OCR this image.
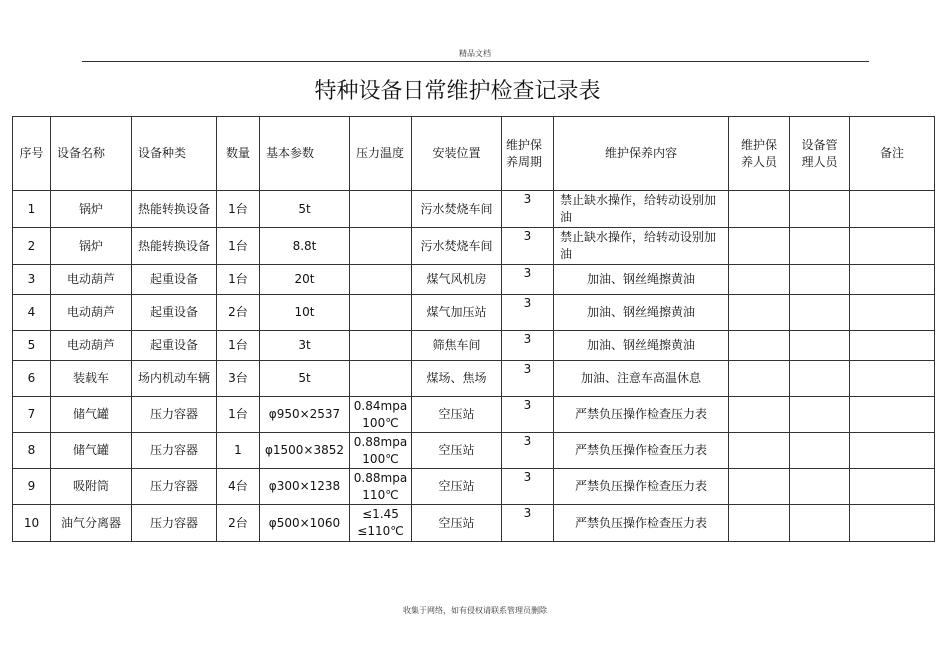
精品文档
特种设备日常维护检查记录表
序号	设备名称	设备种类	数量	基本参数	压力温度	安装位置	维护保养周期	维护保养内容	维护保养人员	设备管理人员	备注
1	锅炉	热能转换设备	1台	5t		污水焚烧车间	3	禁止缺水操作，给转动设别加油			
2	锅炉	热能转换设备	1台	8.8t		污水焚烧车间	3	禁止缺水操作，给转动设别加油			
3	电动葫芦	起重设备	1台	20t		煤气风机房	3	加油、钢丝绳擦黄油			
4	电动葫芦	起重设备	2台	10t		煤气加压站	3	加油、钢丝绳擦黄油			
5	电动葫芦	起重设备	1台	3t		筛焦车间	3	加油、钢丝绳擦黄油			
6	装载车	场内机动车辆	3台	5t		煤场、焦场	3	加油、注意车高温休息			
7	储气罐	压力容器	1台	φ950×2537	0.84mpa 100℃	空压站	3	严禁负压操作检查压力表			
8	储气罐	压力容器	1	φ1500×3852	0.88mpa 100℃	空压站	3	严禁负压操作检查压力表			
9	吸附筒	压力容器	4台	φ300×1238	0.88mpa 110℃	空压站	3	严禁负压操作检查压力表			
10	油气分离器	压力容器	2台	φ500×1060	≤1.45 ≤110℃	空压站	3	严禁负压操作检查压力表			
收集于网络，如有侵权请联系管理员删除
